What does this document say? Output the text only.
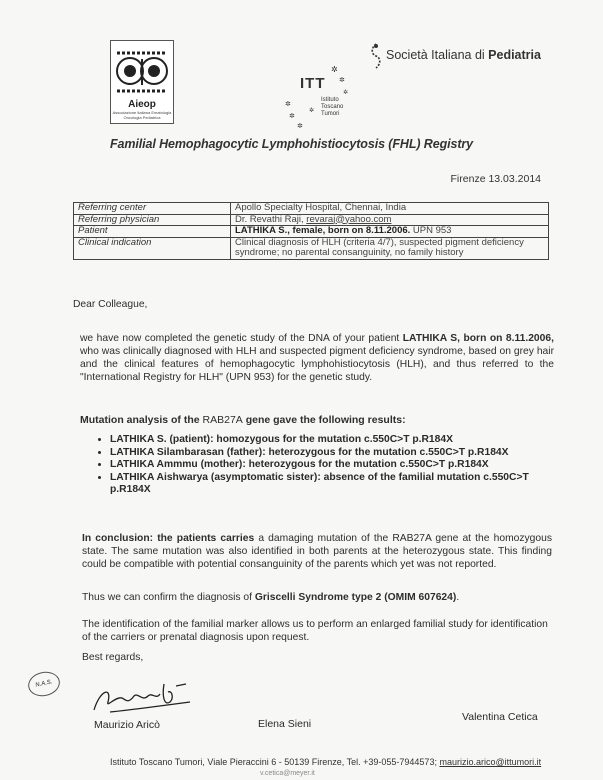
Aieop
Associazione Italiana Ematologia Oncologia Pediatrica
✲
✲
✲
✲
✲
✲
✲
ITT
Istituto
Toscano
Tumori
Società Italiana di Pediatria
Familial Hemophagocytic Lymphohistiocytosis (FHL) Registry
Firenze 13.03.2014
Referring center	Apollo Specialty Hospital, Chennai, India
Referring physician	Dr. Revathi Raji, revaraj@yahoo.com
Patient	LATHIKA S., female, born on 8.11.2006. UPN 953
Clinical indication	Clinical diagnosis of HLH (criteria 4/7), suspected pigment deficiency syndrome; no parental consanguinity, no family history
Dear Colleague,
we have now completed the genetic study of the DNA of your patient LATHIKA S, born on 8.11.2006, who was clinically diagnosed with HLH and suspected pigment deficiency syndrome, based on grey hair and the clinical features of hemophagocytic lymphohistiocytosis (HLH), and thus referred to the "International Registry for HLH" (UPN 953) for the genetic study.
Mutation analysis of the RAB27A gene gave the following results:
• LATHIKA S. (patient): homozygous for the mutation c.550C>T p.R184X
• LATHIKA Silambarasan (father): heterozygous for the mutation c.550C>T p.R184X
• LATHIKA Ammmu (mother): heterozygous for the mutation c.550C>T p.R184X
• LATHIKA Aishwarya (asymptomatic sister): absence of the familial mutation c.550C>T p.R184X
In conclusion: the patients carries a damaging mutation of the RAB27A gene at the homozygous state. The same mutation was also identified in both parents at the heterozygous state. This finding could be compatible with potential consanguinity of the parents which yet was not reported.
Thus we can confirm the diagnosis of Griscelli Syndrome type 2 (OMIM 607624).
The identification of the familial marker allows us to perform an enlarged familial study for identification of the carriers or prenatal diagnosis upon request.
Best regards,
N.A.S.
Maurizio Aricò	Elena Sieni
Valentina Cetica
Istituto Toscano Tumori, Viale Pieraccini 6 - 50139 Firenze, Tel. +39-055-7944573; maurizio.arico@ittumori.it
v.cetica@meyer.it
